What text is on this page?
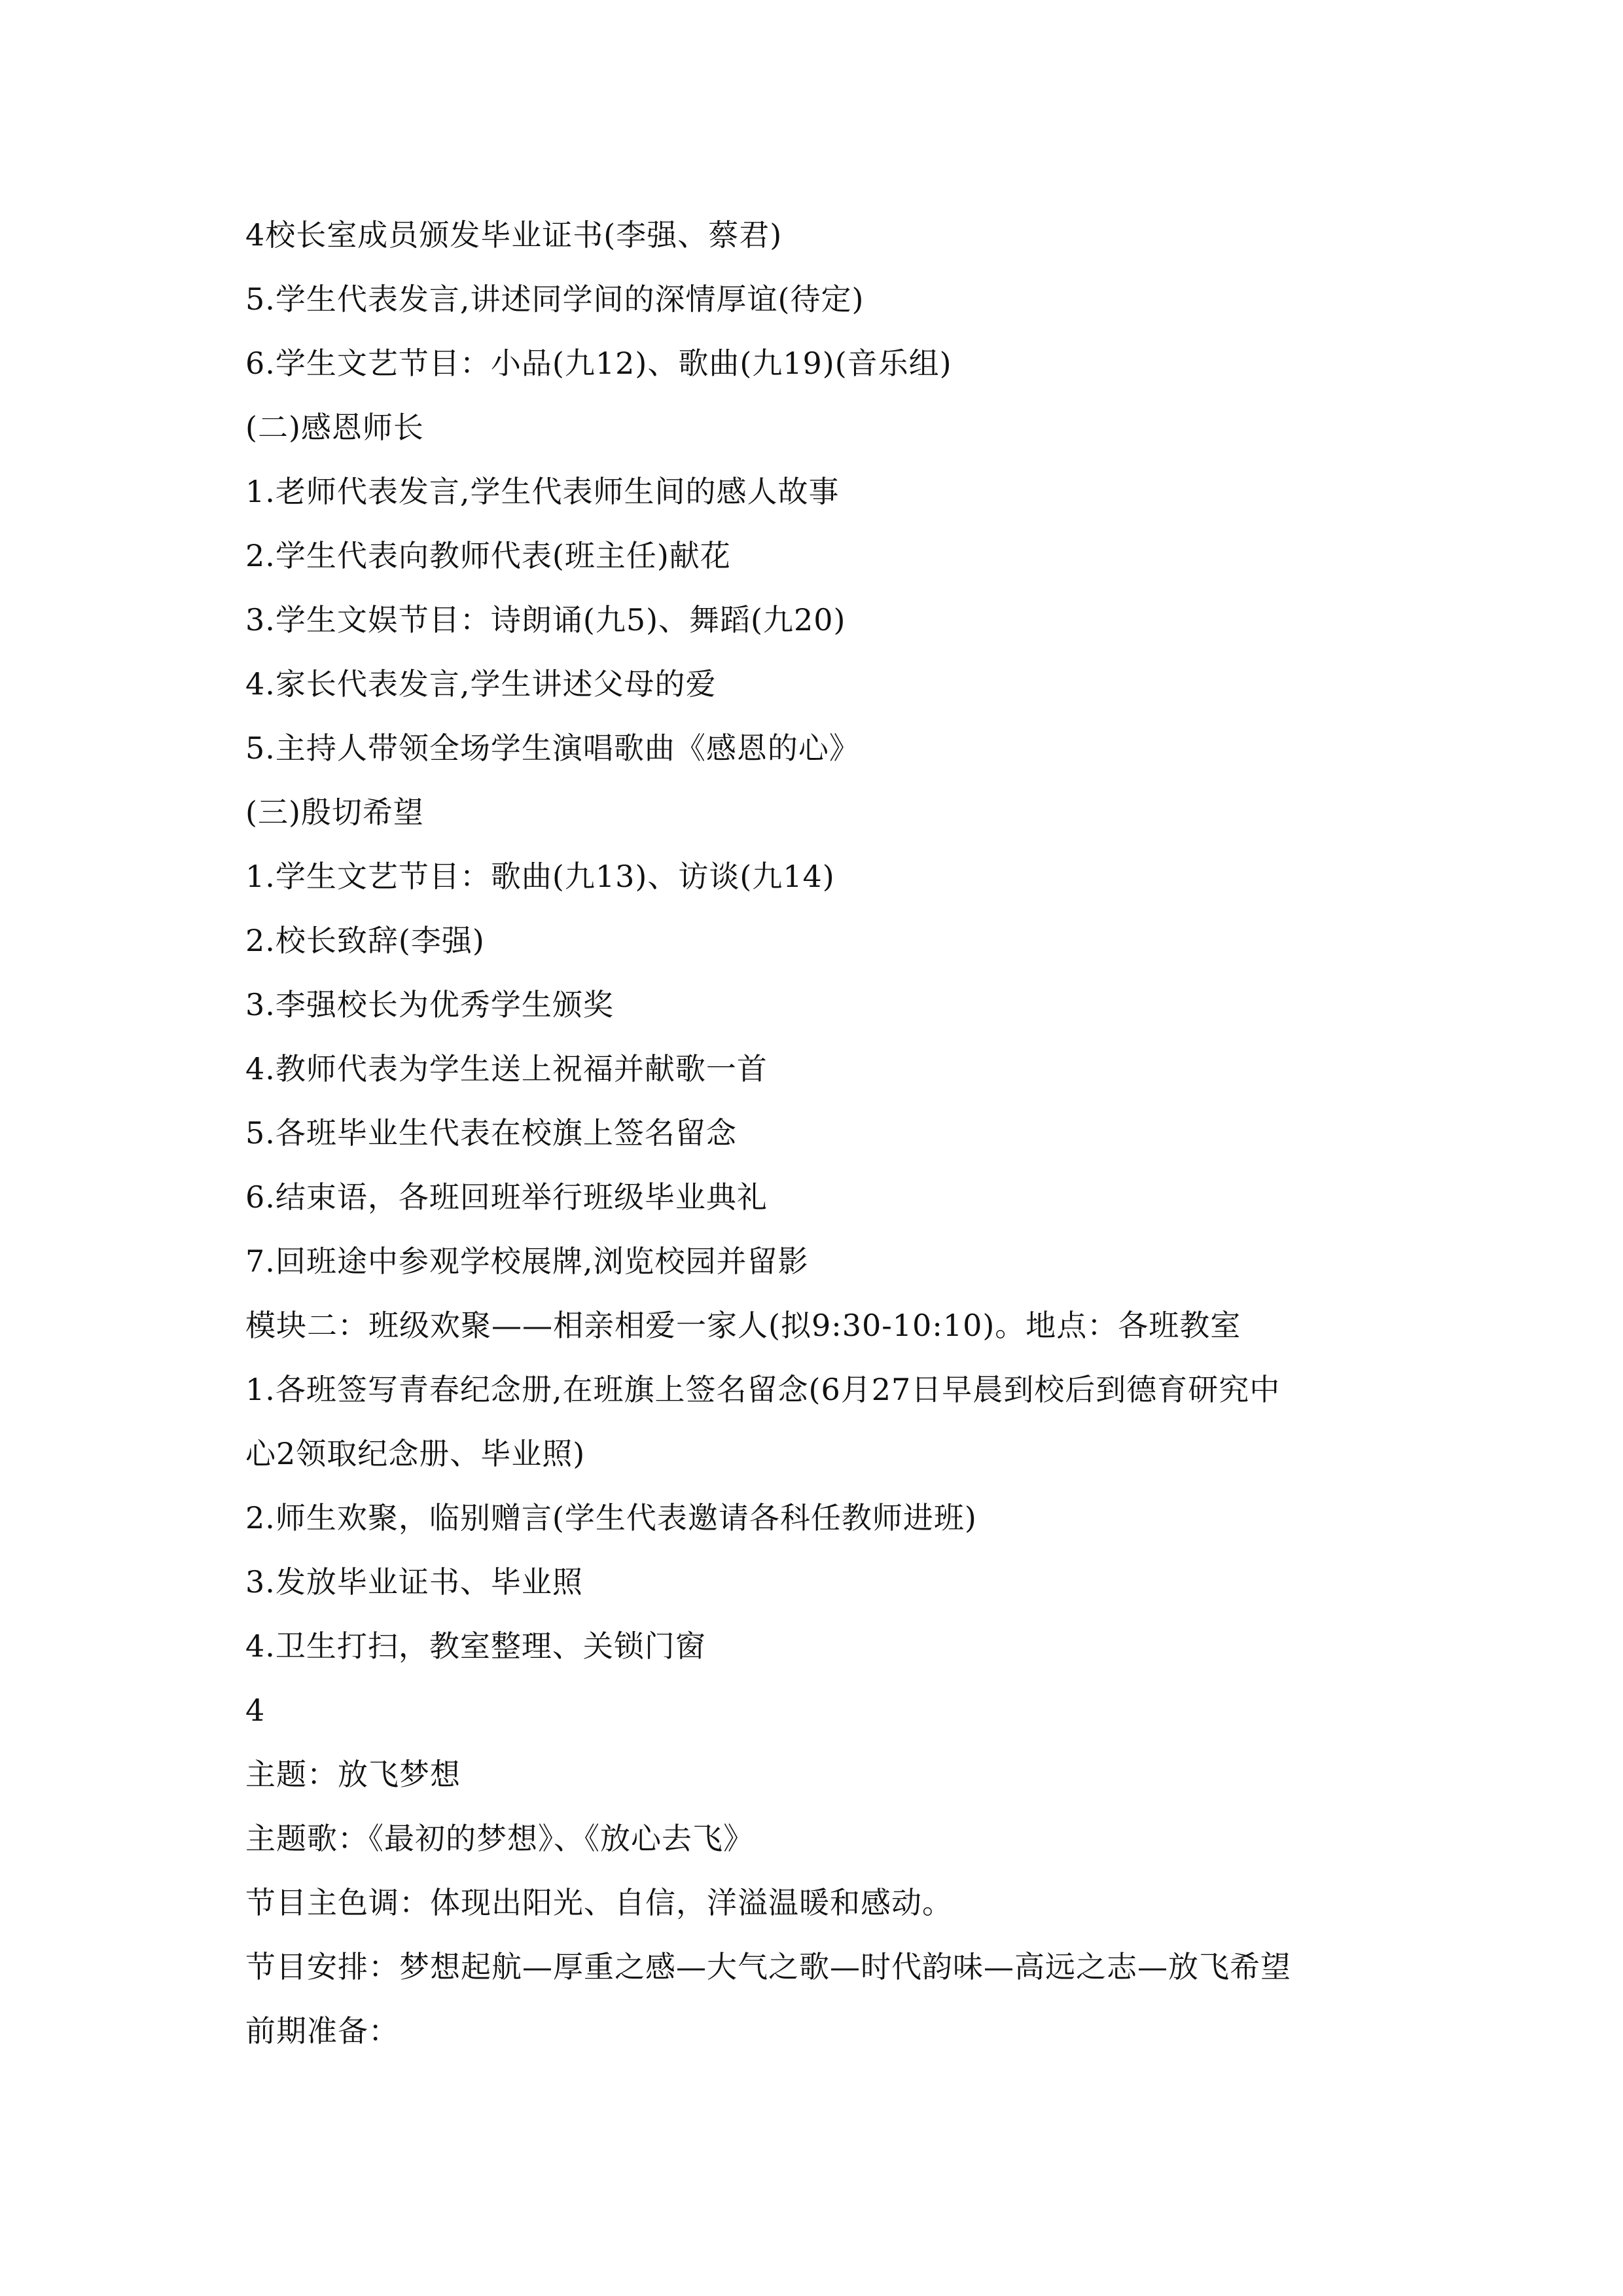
4校长室成员颁发毕业证书(李强、蔡君)
5.学生代表发言,讲述同学间的深情厚谊(待定)
6.学生文艺节目：小品(九12)、歌曲(九19)(音乐组)
(二)感恩师长
1.老师代表发言,学生代表师生间的感人故事
2.学生代表向教师代表(班主任)献花
3.学生文娱节目：诗朗诵(九5)、舞蹈(九20)
4.家长代表发言,学生讲述父母的爱
5.主持人带领全场学生演唱歌曲《感恩的心》
(三)殷切希望
1.学生文艺节目：歌曲(九13)、访谈(九14)
2.校长致辞(李强)
3.李强校长为优秀学生颁奖
4.教师代表为学生送上祝福并献歌一首
5.各班毕业生代表在校旗上签名留念
6.结束语，各班回班举行班级毕业典礼
7.回班途中参观学校展牌,浏览校园并留影
模块二：班级欢聚——相亲相爱一家人(拟9:30-10:10)。地点：各班教室
1.各班签写青春纪念册,在班旗上签名留念(6月27日早晨到校后到德育研究中
心2领取纪念册、毕业照)
2.师生欢聚，临别赠言(学生代表邀请各科任教师进班)
3.发放毕业证书、毕业照
4.卫生打扫，教室整理、关锁门窗
4
主题：放飞梦想
主题歌：《最初的梦想》、《放心去飞》
节目主色调：体现出阳光、自信，洋溢温暖和感动。
节目安排：梦想起航—厚重之感—大气之歌—时代韵味—高远之志—放飞希望
前期准备：
